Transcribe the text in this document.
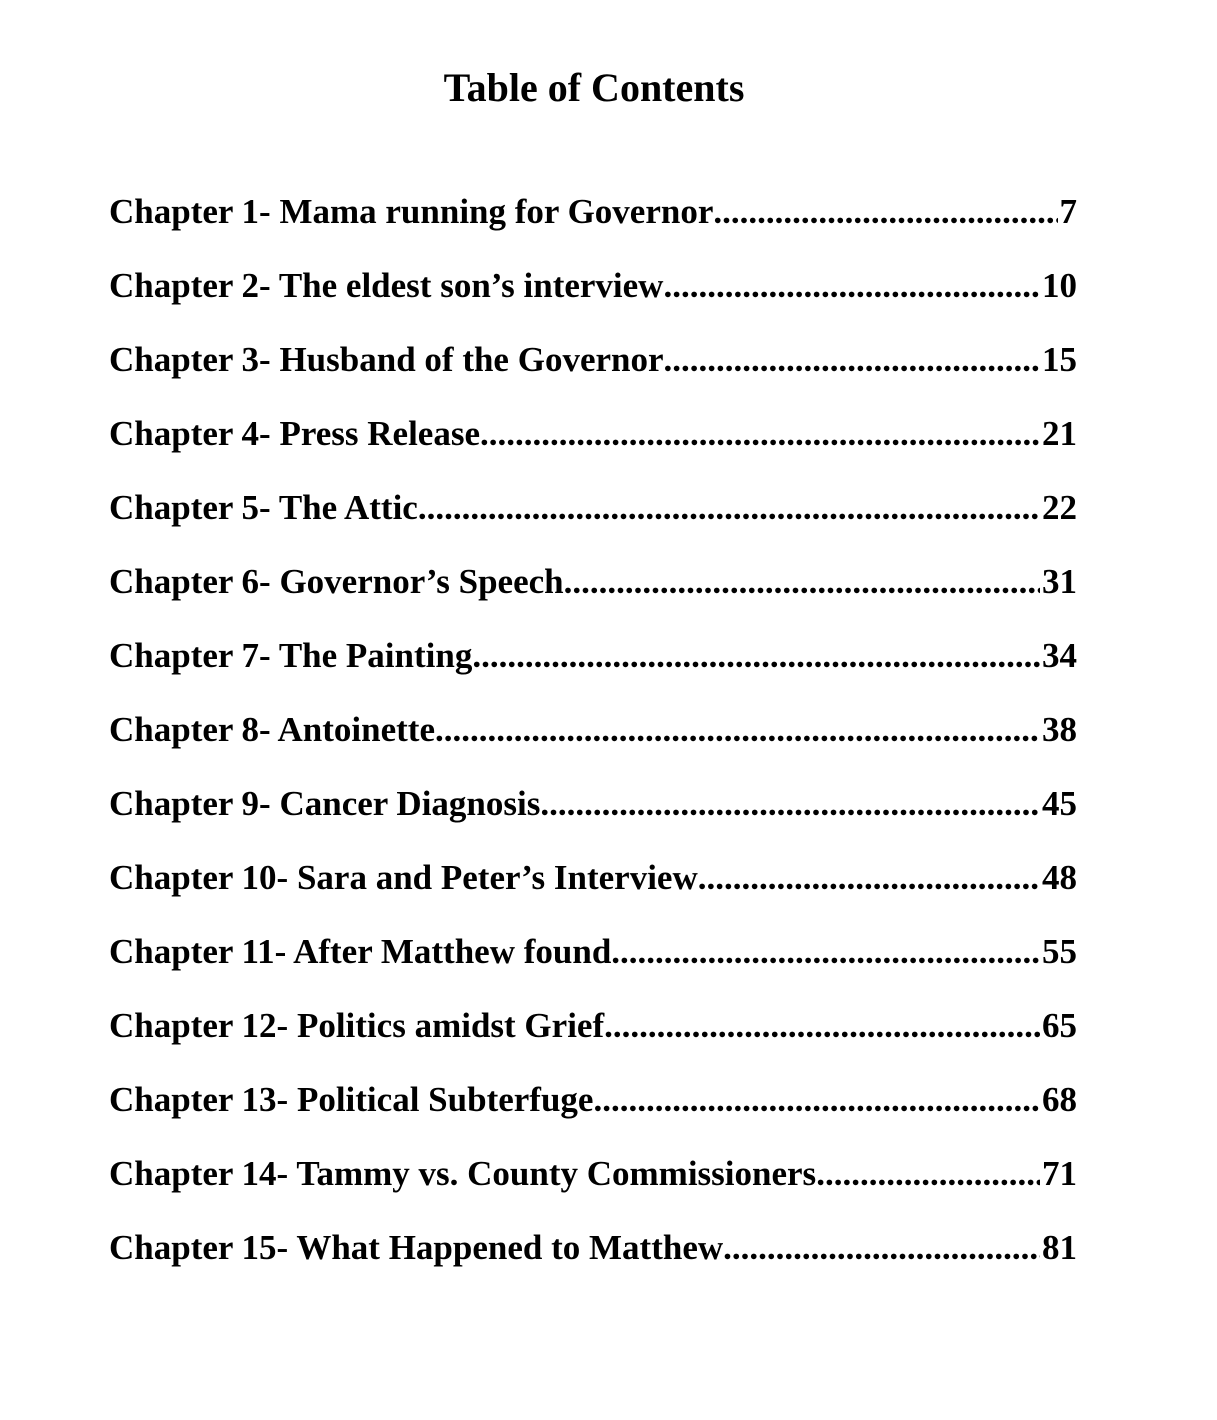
Table of Contents
Chapter 1- Mama running for Governor .....	7
Chapter 2- The eldest son’s interview .....	10
Chapter 3- Husband of the Governor .....	15
Chapter 4- Press Release .....	21
Chapter 5- The Attic .....	22
Chapter 6- Governor’s Speech .....	31
Chapter 7- The Painting .....	34
Chapter 8- Antoinette .....	38
Chapter 9- Cancer Diagnosis .....	45
Chapter 10- Sara and Peter’s Interview .....	48
Chapter 11- After Matthew found .....	55
Chapter 12- Politics amidst Grief .....	65
Chapter 13- Political Subterfuge .....	68
Chapter 14- Tammy vs. County Commissioners .....	71
Chapter 15- What Happened to Matthew .....	81
